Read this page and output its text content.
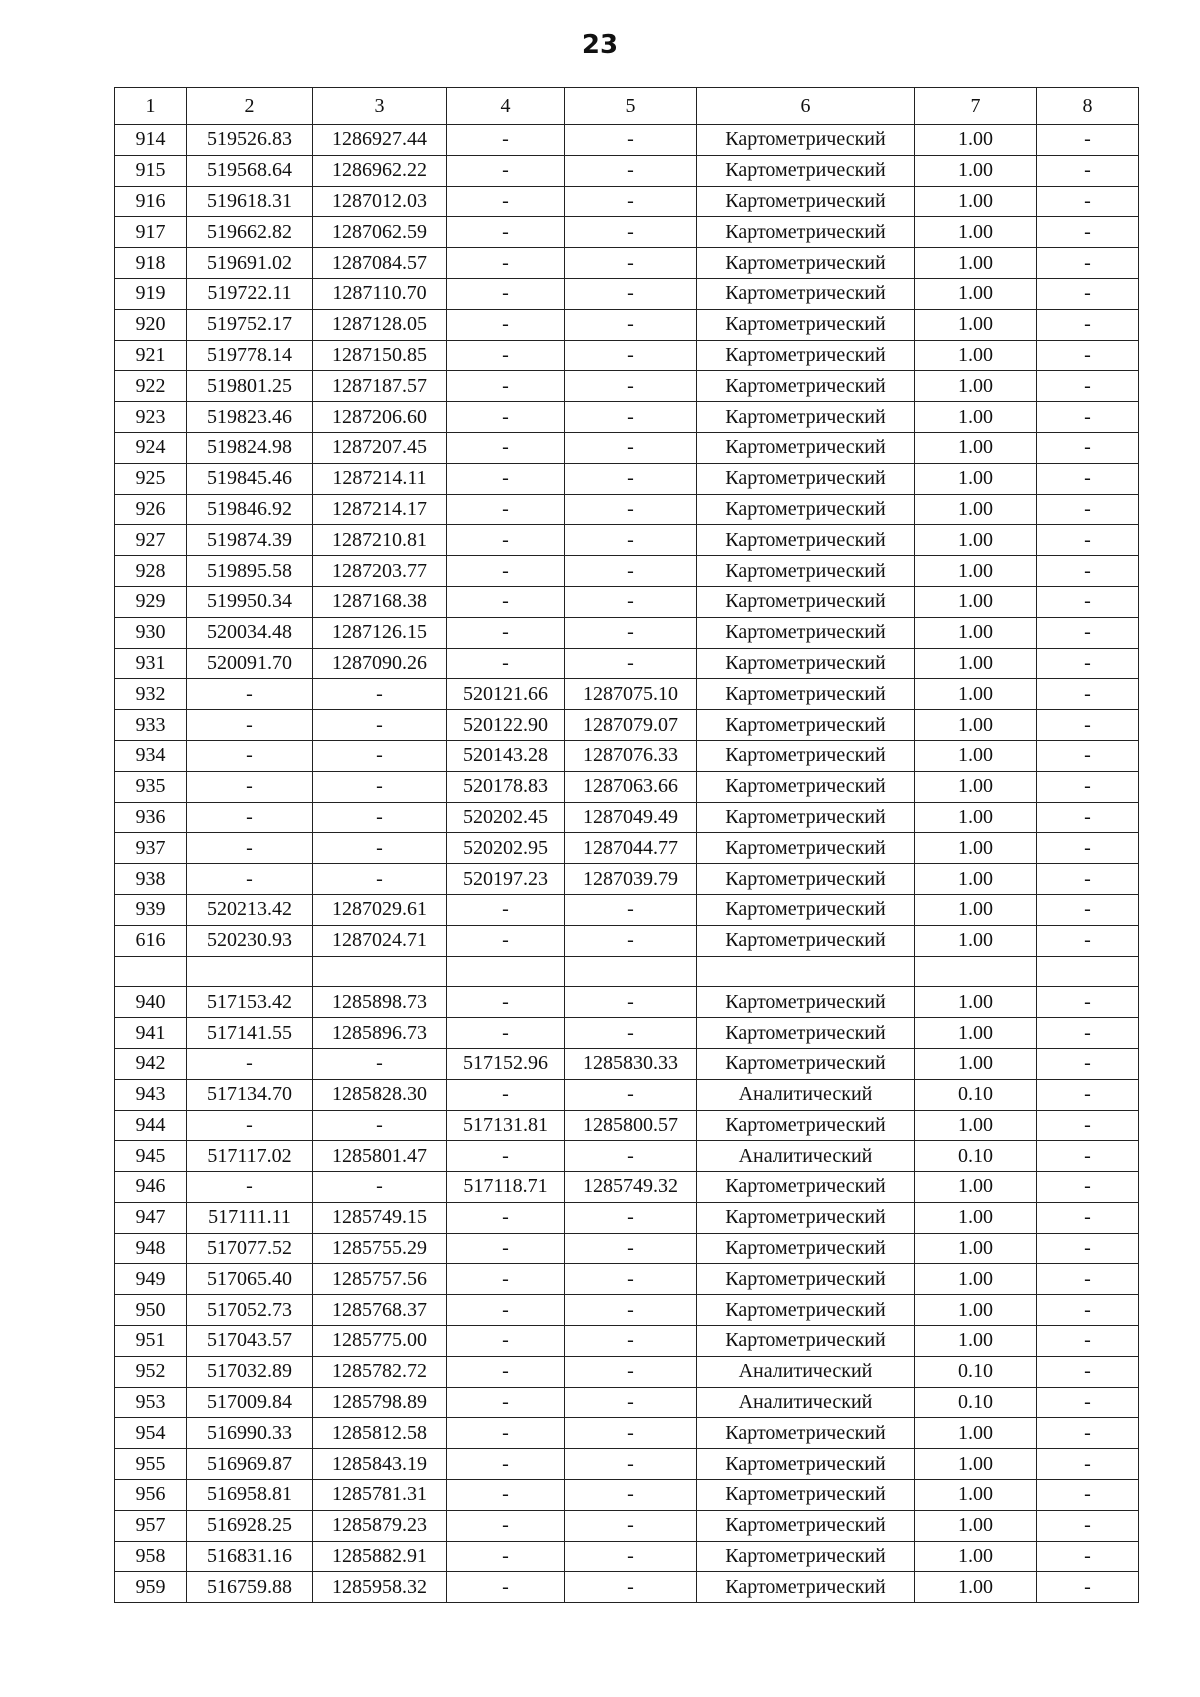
23
1	2	3	4	5	6	7	8
914	519526.83	1286927.44	-	-	Картометрический	1.00	-
915	519568.64	1286962.22	-	-	Картометрический	1.00	-
916	519618.31	1287012.03	-	-	Картометрический	1.00	-
917	519662.82	1287062.59	-	-	Картометрический	1.00	-
918	519691.02	1287084.57	-	-	Картометрический	1.00	-
919	519722.11	1287110.70	-	-	Картометрический	1.00	-
920	519752.17	1287128.05	-	-	Картометрический	1.00	-
921	519778.14	1287150.85	-	-	Картометрический	1.00	-
922	519801.25	1287187.57	-	-	Картометрический	1.00	-
923	519823.46	1287206.60	-	-	Картометрический	1.00	-
924	519824.98	1287207.45	-	-	Картометрический	1.00	-
925	519845.46	1287214.11	-	-	Картометрический	1.00	-
926	519846.92	1287214.17	-	-	Картометрический	1.00	-
927	519874.39	1287210.81	-	-	Картометрический	1.00	-
928	519895.58	1287203.77	-	-	Картометрический	1.00	-
929	519950.34	1287168.38	-	-	Картометрический	1.00	-
930	520034.48	1287126.15	-	-	Картометрический	1.00	-
931	520091.70	1287090.26	-	-	Картометрический	1.00	-
932	-	-	520121.66	1287075.10	Картометрический	1.00	-
933	-	-	520122.90	1287079.07	Картометрический	1.00	-
934	-	-	520143.28	1287076.33	Картометрический	1.00	-
935	-	-	520178.83	1287063.66	Картометрический	1.00	-
936	-	-	520202.45	1287049.49	Картометрический	1.00	-
937	-	-	520202.95	1287044.77	Картометрический	1.00	-
938	-	-	520197.23	1287039.79	Картометрический	1.00	-
939	520213.42	1287029.61	-	-	Картометрический	1.00	-
616	520230.93	1287024.71	-	-	Картометрический	1.00	-

940	517153.42	1285898.73	-	-	Картометрический	1.00	-
941	517141.55	1285896.73	-	-	Картометрический	1.00	-
942	-	-	517152.96	1285830.33	Картометрический	1.00	-
943	517134.70	1285828.30	-	-	Аналитический	0.10	-
944	-	-	517131.81	1285800.57	Картометрический	1.00	-
945	517117.02	1285801.47	-	-	Аналитический	0.10	-
946	-	-	517118.71	1285749.32	Картометрический	1.00	-
947	517111.11	1285749.15	-	-	Картометрический	1.00	-
948	517077.52	1285755.29	-	-	Картометрический	1.00	-
949	517065.40	1285757.56	-	-	Картометрический	1.00	-
950	517052.73	1285768.37	-	-	Картометрический	1.00	-
951	517043.57	1285775.00	-	-	Картометрический	1.00	-
952	517032.89	1285782.72	-	-	Аналитический	0.10	-
953	517009.84	1285798.89	-	-	Аналитический	0.10	-
954	516990.33	1285812.58	-	-	Картометрический	1.00	-
955	516969.87	1285843.19	-	-	Картометрический	1.00	-
956	516958.81	1285781.31	-	-	Картометрический	1.00	-
957	516928.25	1285879.23	-	-	Картометрический	1.00	-
958	516831.16	1285882.91	-	-	Картометрический	1.00	-
959	516759.88	1285958.32	-	-	Картометрический	1.00	-
